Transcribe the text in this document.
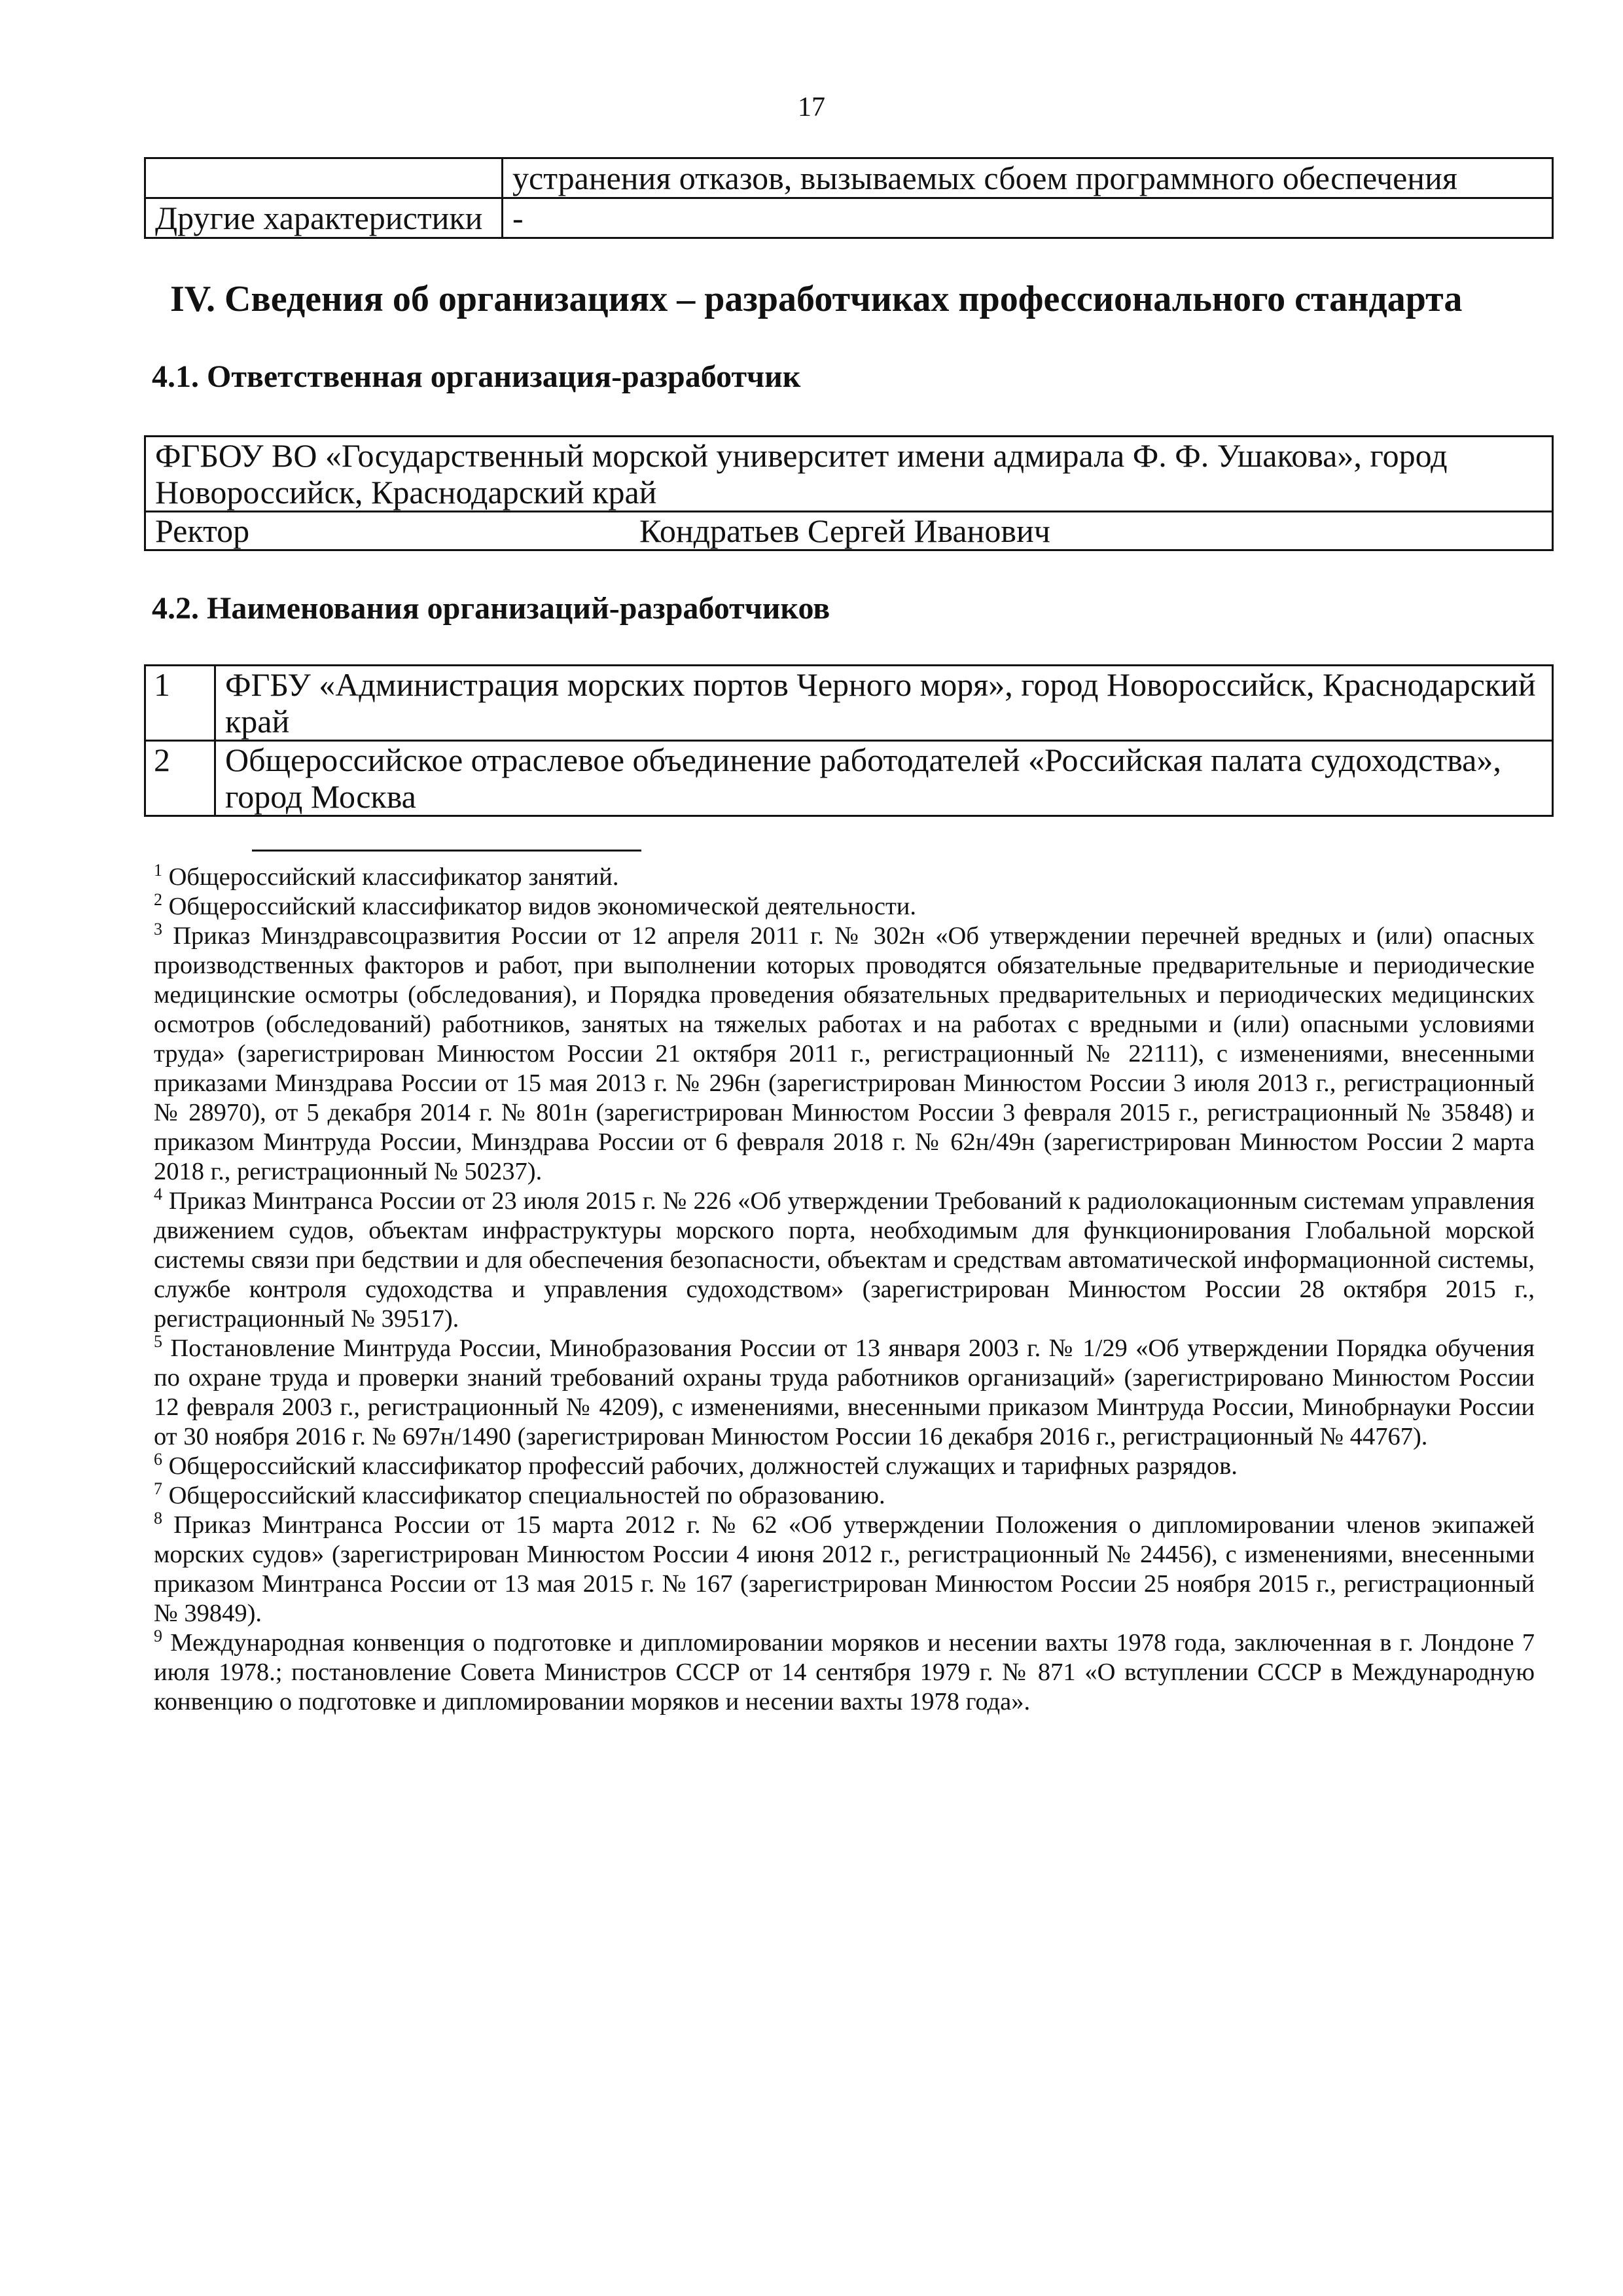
17
	устранения отказов, вызываемых сбоем программного обеспечения
Другие характеристики	-
IV. Сведения об организациях – разработчиках профессионального стандарта
4.1. Ответственная организация-разработчик
ФГБОУ ВО «Государственный морской университет имени адмирала Ф. Ф. Ушакова», город Новороссийск, Краснодарский край
Ректор	Кондратьев Сергей Иванович
4.2. Наименования организаций-разработчиков
1	ФГБУ «Администрация морских портов Черного моря», город Новороссийск, Краснодарский край
2	Общероссийское отраслевое объединение работодателей «Российская палата судоходства», город Москва

$^1$ Общероссийский классификатор занятий.

$^2$ Общероссийский классификатор видов экономической деятельности.

$^3$ Приказ Минздравсоцразвития России от 12 апреля 2011 г. № 302н «Об утверждении перечней вредных и (или) опасных производственных факторов и работ, при выполнении которых проводятся обязательные предварительные и периодические медицинские осмотры (обследования), и Порядка проведения обязательных предварительных и периодических медицинских осмотров (обследований) работников, занятых на тяжелых работах и на работах с вредными и (или) опасными условиями труда» (зарегистрирован Минюстом России 21 октября 2011 г., регистрационный № 22111), с изменениями, внесенными приказами Минздрава России от 15 мая 2013 г. № 296н (зарегистрирован Минюстом России 3 июля 2013 г., регистрационный № 28970), от 5 декабря 2014 г. № 801н (зарегистрирован Минюстом России 3 февраля 2015 г., регистрационный № 35848) и приказом Минтруда России, Минздрава России от 6 февраля 2018 г. № 62н/49н (зарегистрирован Минюстом России 2 марта 2018 г., регистрационный № 50237).

$^4$ Приказ Минтранса России от 23 июля 2015 г. № 226 «Об утверждении Требований к радиолокационным системам управления движением судов, объектам инфраструктуры морского порта, необходимым для функционирования Глобальной морской системы связи при бедствии и для обеспечения безопасности, объектам и средствам автоматической информационной системы, службе контроля судоходства и управления судоходством» (зарегистрирован Минюстом России 28 октября 2015 г., регистрационный № 39517).

$^5$ Постановление Минтруда России, Минобразования России от 13 января 2003 г. № 1/29 «Об утверждении Порядка обучения по охране труда и проверки знаний требований охраны труда работников организаций» (зарегистрировано Минюстом России 12 февраля 2003 г., регистрационный № 4209), с изменениями, внесенными приказом Минтруда России, Минобрнауки России от 30 ноября 2016 г. № 697н/1490 (зарегистрирован Минюстом России 16 декабря 2016 г., регистрационный № 44767).

$^6$ Общероссийский классификатор профессий рабочих, должностей служащих и тарифных разрядов.

$^7$ Общероссийский классификатор специальностей по образованию.

$^8$ Приказ Минтранса России от 15 марта 2012 г. № 62 «Об утверждении Положения о дипломировании членов экипажей морских судов» (зарегистрирован Минюстом России 4 июня 2012 г., регистрационный № 24456), с изменениями, внесенными приказом Минтранса России от 13 мая 2015 г. № 167 (зарегистрирован Минюстом России 25 ноября 2015 г., регистрационный № 39849).

$^9$ Международная конвенция о подготовке и дипломировании моряков и несении вахты 1978 года, заключенная в г. Лондоне 7 июля 1978.; постановление Совета Министров СССР от 14 сентября 1979 г. № 871 «О вступлении СССР в Международную конвенцию о подготовке и дипломировании моряков и несении вахты 1978 года».
